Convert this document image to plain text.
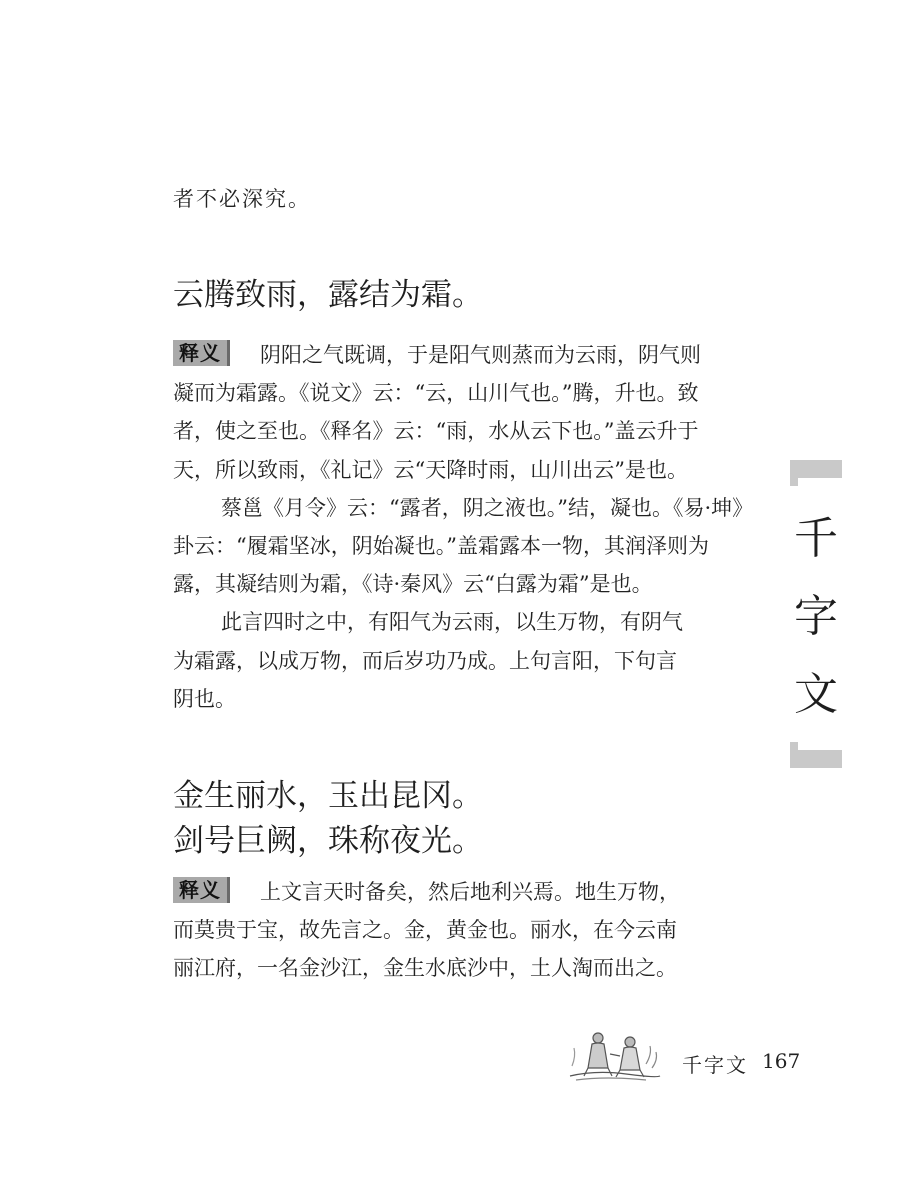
者不必深究。
云腾致雨，露结为霜。
释义 阴阳之气既调，于是阳气则蒸而为云雨，阴气则
凝而为霜露。《说文》云：“云，山川气也。”腾，升也。致
者，使之至也。《释名》云：“雨，水从云下也。”盖云升于
天，所以致雨，《礼记》云“天降时雨，山川出云”是也。
蔡邕《月令》云：“露者，阴之液也。”结，凝也。《易·坤》
卦云：“履霜坚冰，阴始凝也。”盖霜露本一物，其润泽则为
露，其凝结则为霜，《诗·秦风》云“白露为霜”是也。
此言四时之中，有阳气为云雨，以生万物，有阴气
为霜露，以成万物，而后岁功乃成。上句言阳，下句言
阴也。
金生丽水，玉出昆冈。
剑号巨阙，珠称夜光。
释义 上文言天时备矣，然后地利兴焉。地生万物，
而莫贵于宝，故先言之。金，黄金也。丽水，在今云南
丽江府，一名金沙江，金生水底沙中，土人淘而出之。
千
字
文
千字文 167
